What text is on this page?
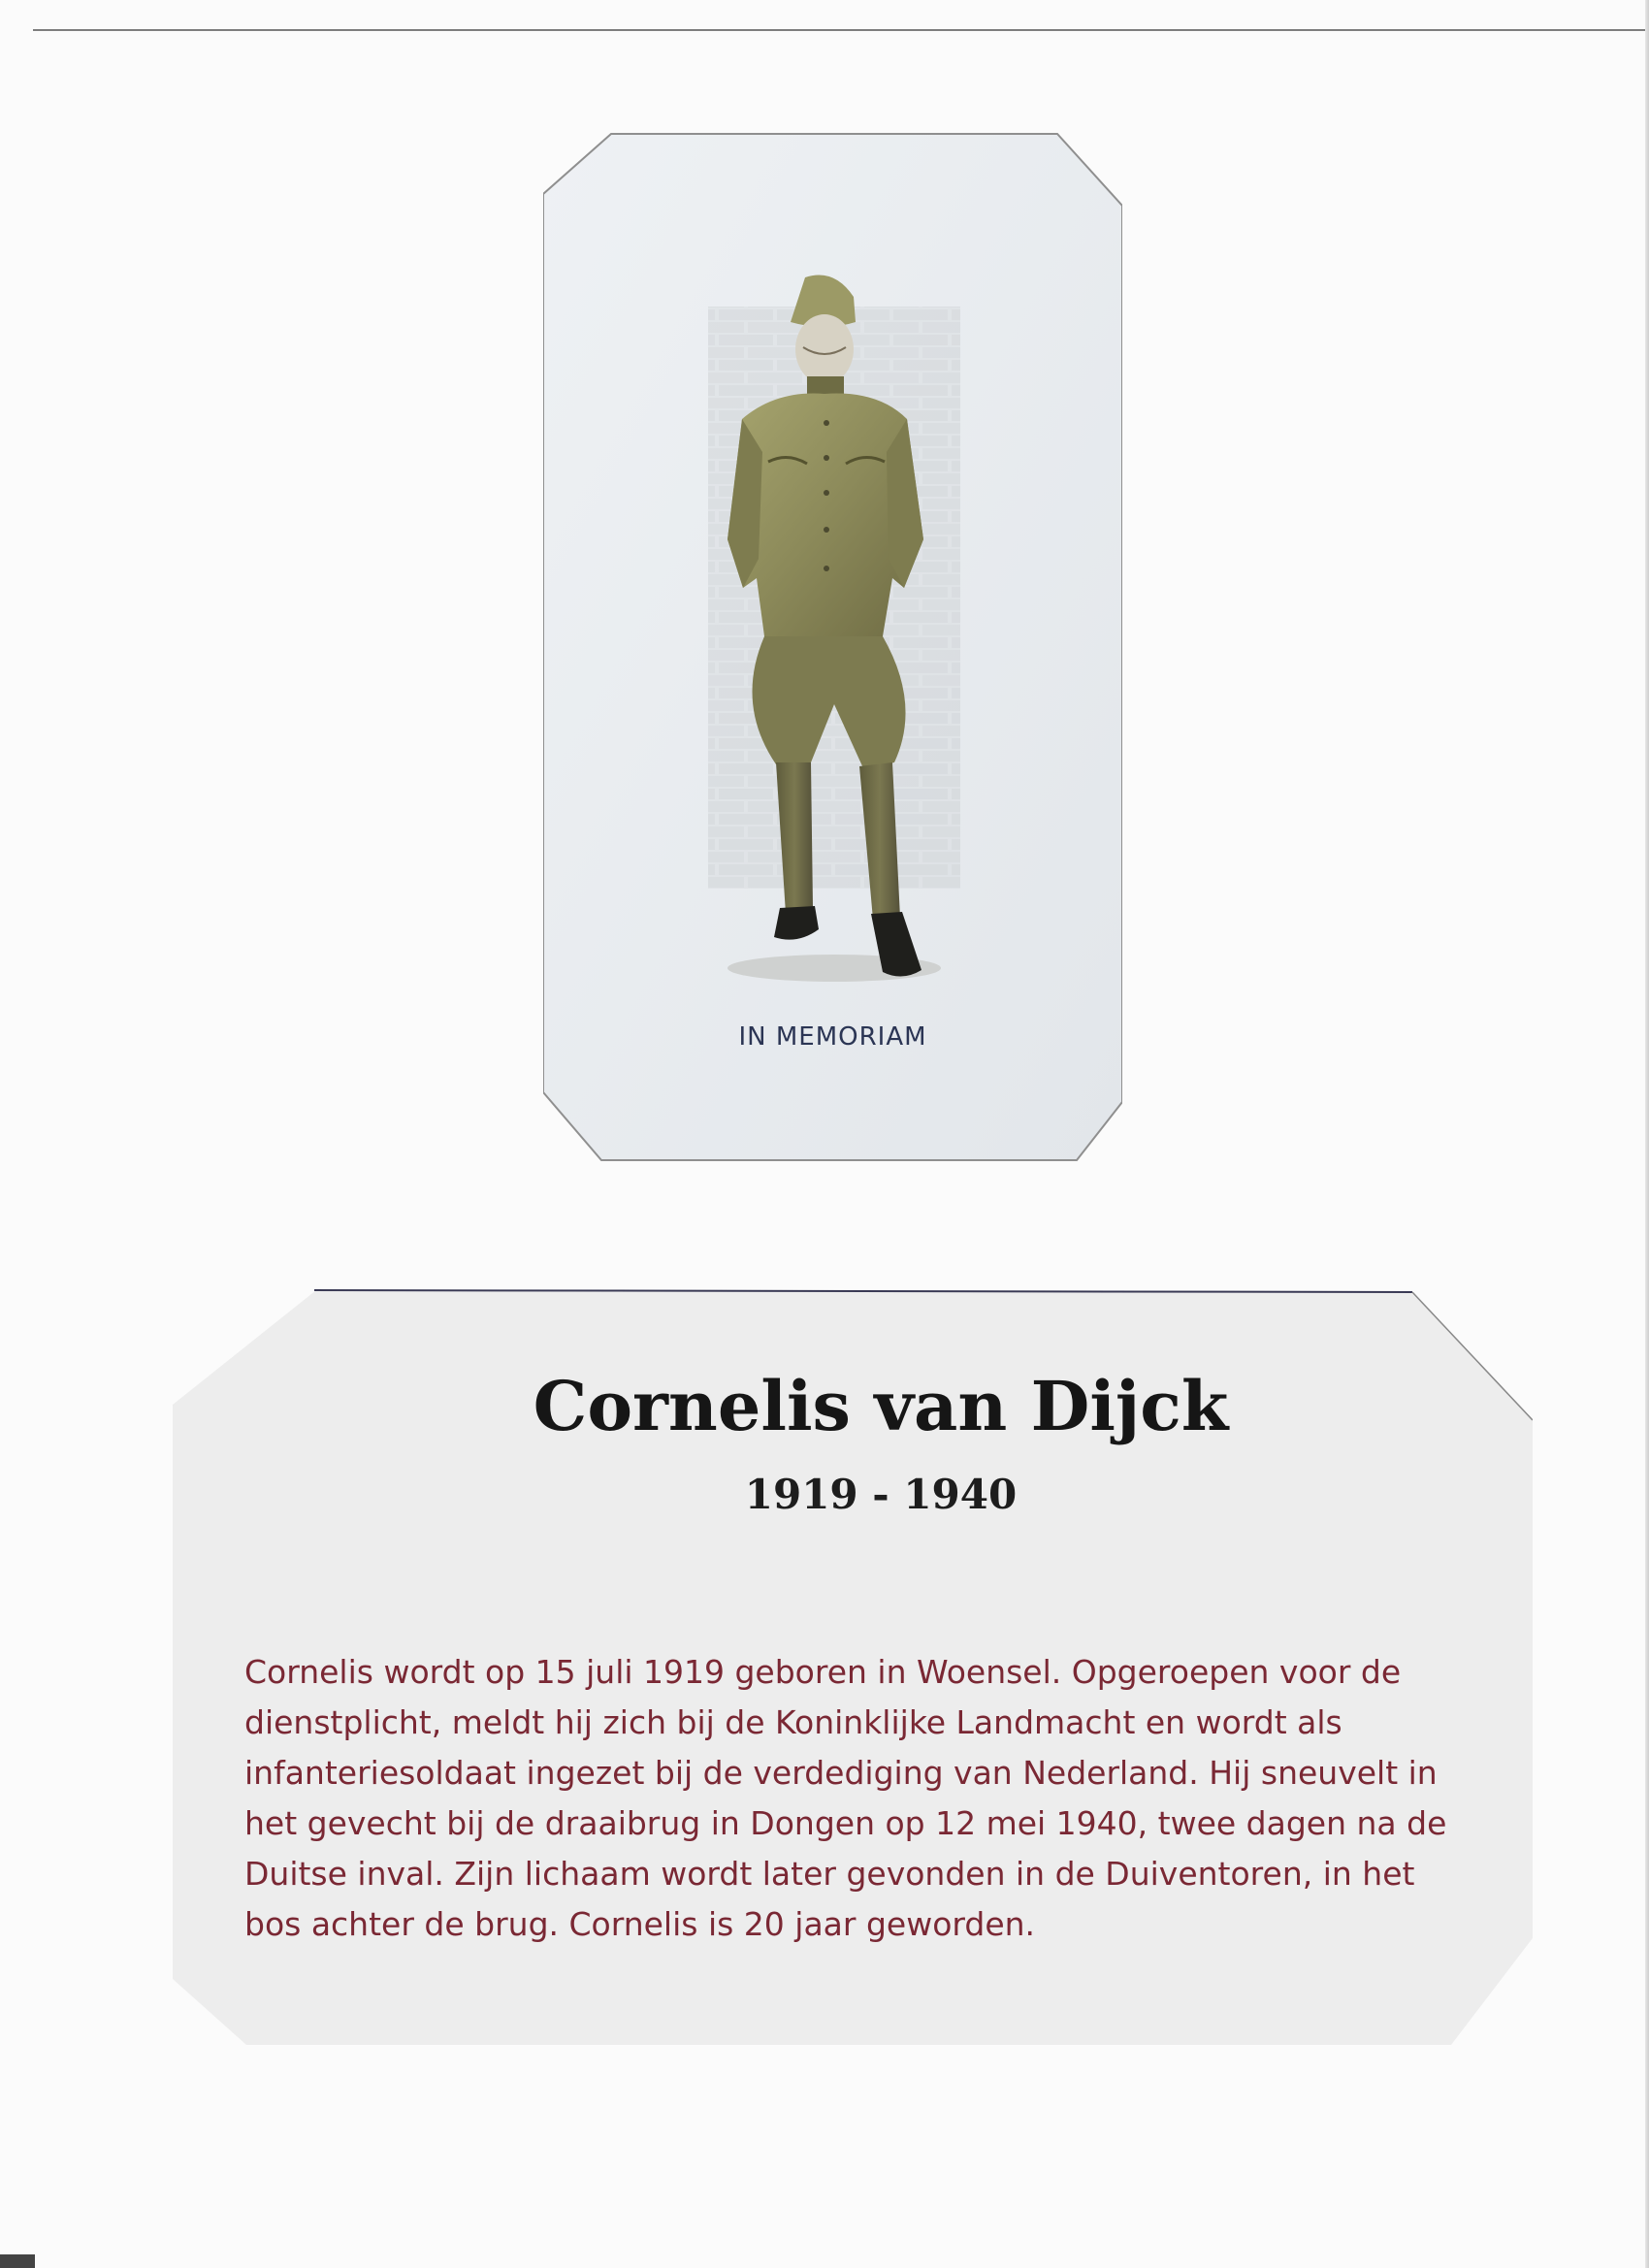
IN MEMORIAM
Cornelis van Dijck
1919 - 1940

Cornelis wordt op 15 juli 1919 geboren in Woensel. Opgeroepen voor de dienstplicht, meldt hij zich bij de Koninklijke Landmacht en wordt als infanteriesoldaat ingezet bij de verdediging van Nederland. Hij sneuvelt in het gevecht bij de draaibrug in Dongen op 12 mei 1940, twee dagen na de Duitse inval. Zijn lichaam wordt later gevonden in de Duiventoren, in het bos achter de brug. Cornelis is 20 jaar geworden.
